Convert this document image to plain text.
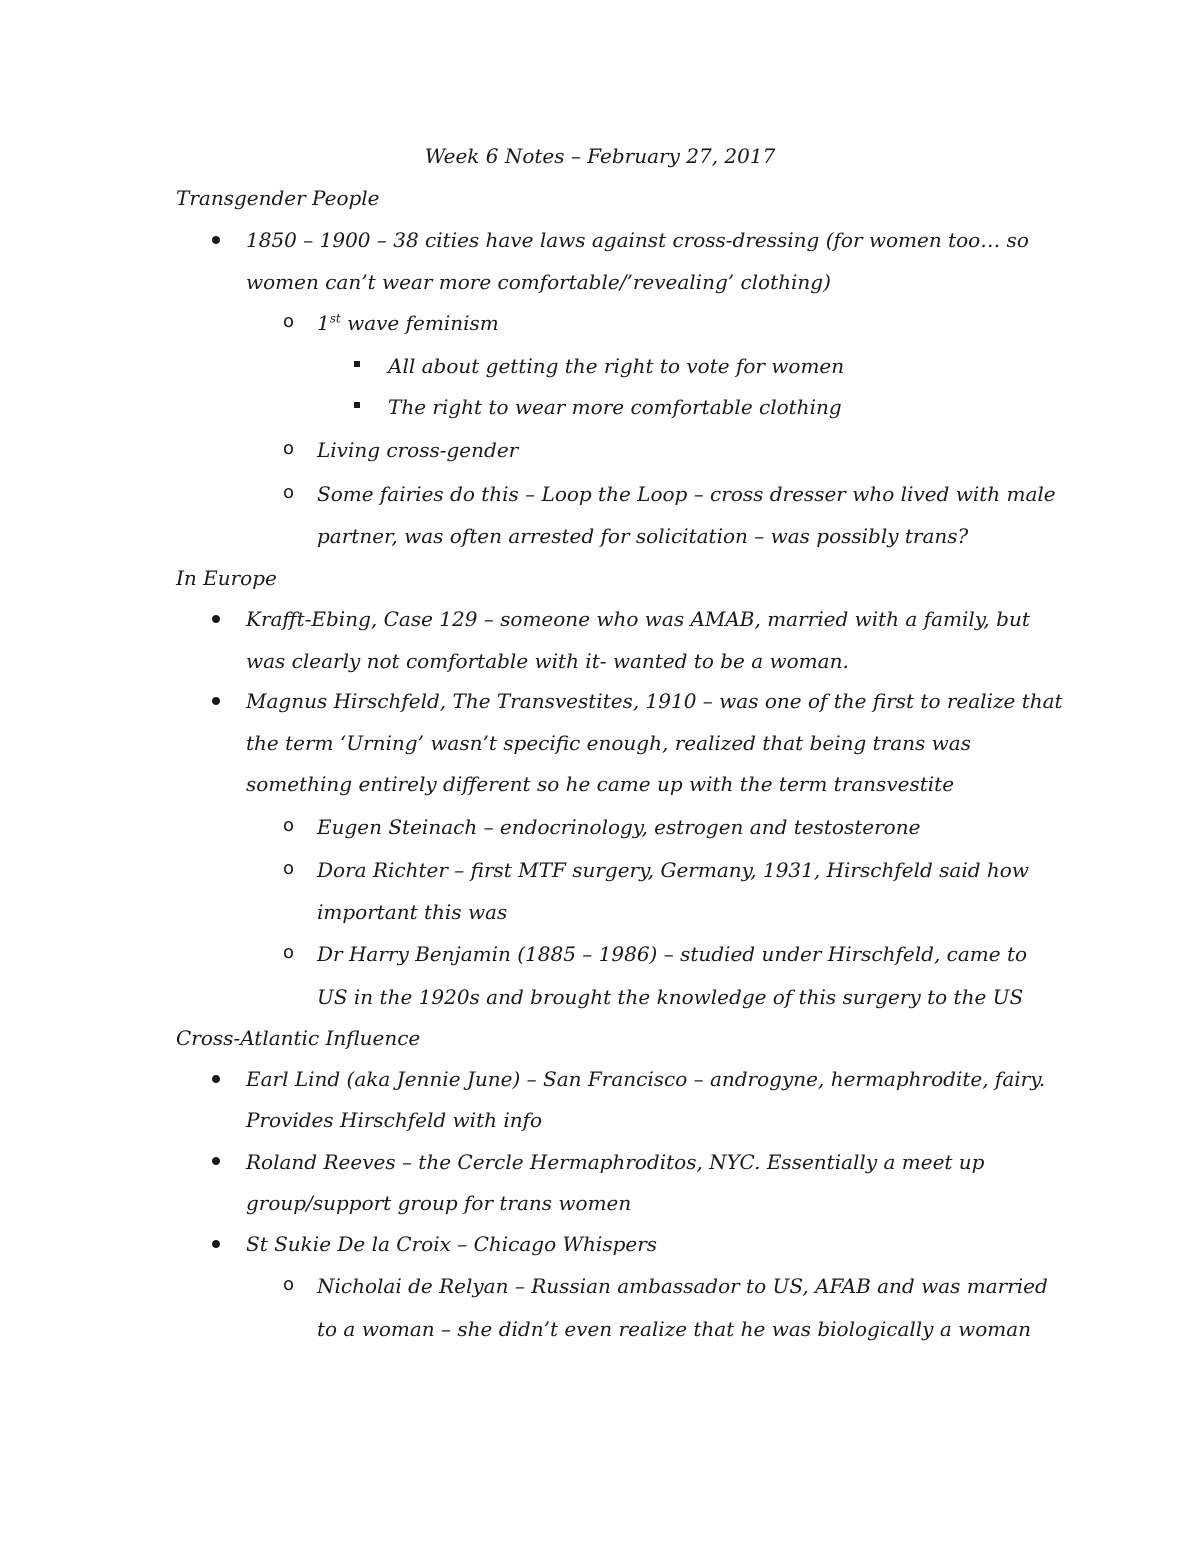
Week 6 Notes – February 27, 2017
Transgender People
1850 – 1900 – 38 cities have laws against cross-dressing (for women too… so
women can’t wear more comfortable/’revealing’ clothing)
o 1st wave feminism
All about getting the right to vote for women
The right to wear more comfortable clothing
o Living cross-gender
o Some fairies do this – Loop the Loop – cross dresser who lived with male
partner, was often arrested for solicitation – was possibly trans?
In Europe
Krafft-Ebing, Case 129 – someone who was AMAB, married with a family, but
was clearly not comfortable with it- wanted to be a woman.
Magnus Hirschfeld, The Transvestites, 1910 – was one of the first to realize that
the term ‘Urning’ wasn’t specific enough, realized that being trans was
something entirely different so he came up with the term transvestite
o Eugen Steinach – endocrinology, estrogen and testosterone
o Dora Richter – first MTF surgery, Germany, 1931, Hirschfeld said how
important this was
o Dr Harry Benjamin (1885 – 1986) – studied under Hirschfeld, came to
US in the 1920s and brought the knowledge of this surgery to the US
Cross-Atlantic Influence
Earl Lind (aka Jennie June) – San Francisco – androgyne, hermaphrodite, fairy.
Provides Hirschfeld with info
Roland Reeves – the Cercle Hermaphroditos, NYC. Essentially a meet up
group/support group for trans women
St Sukie De la Croix – Chicago Whispers
o Nicholai de Relyan – Russian ambassador to US, AFAB and was married
to a woman – she didn’t even realize that he was biologically a woman
